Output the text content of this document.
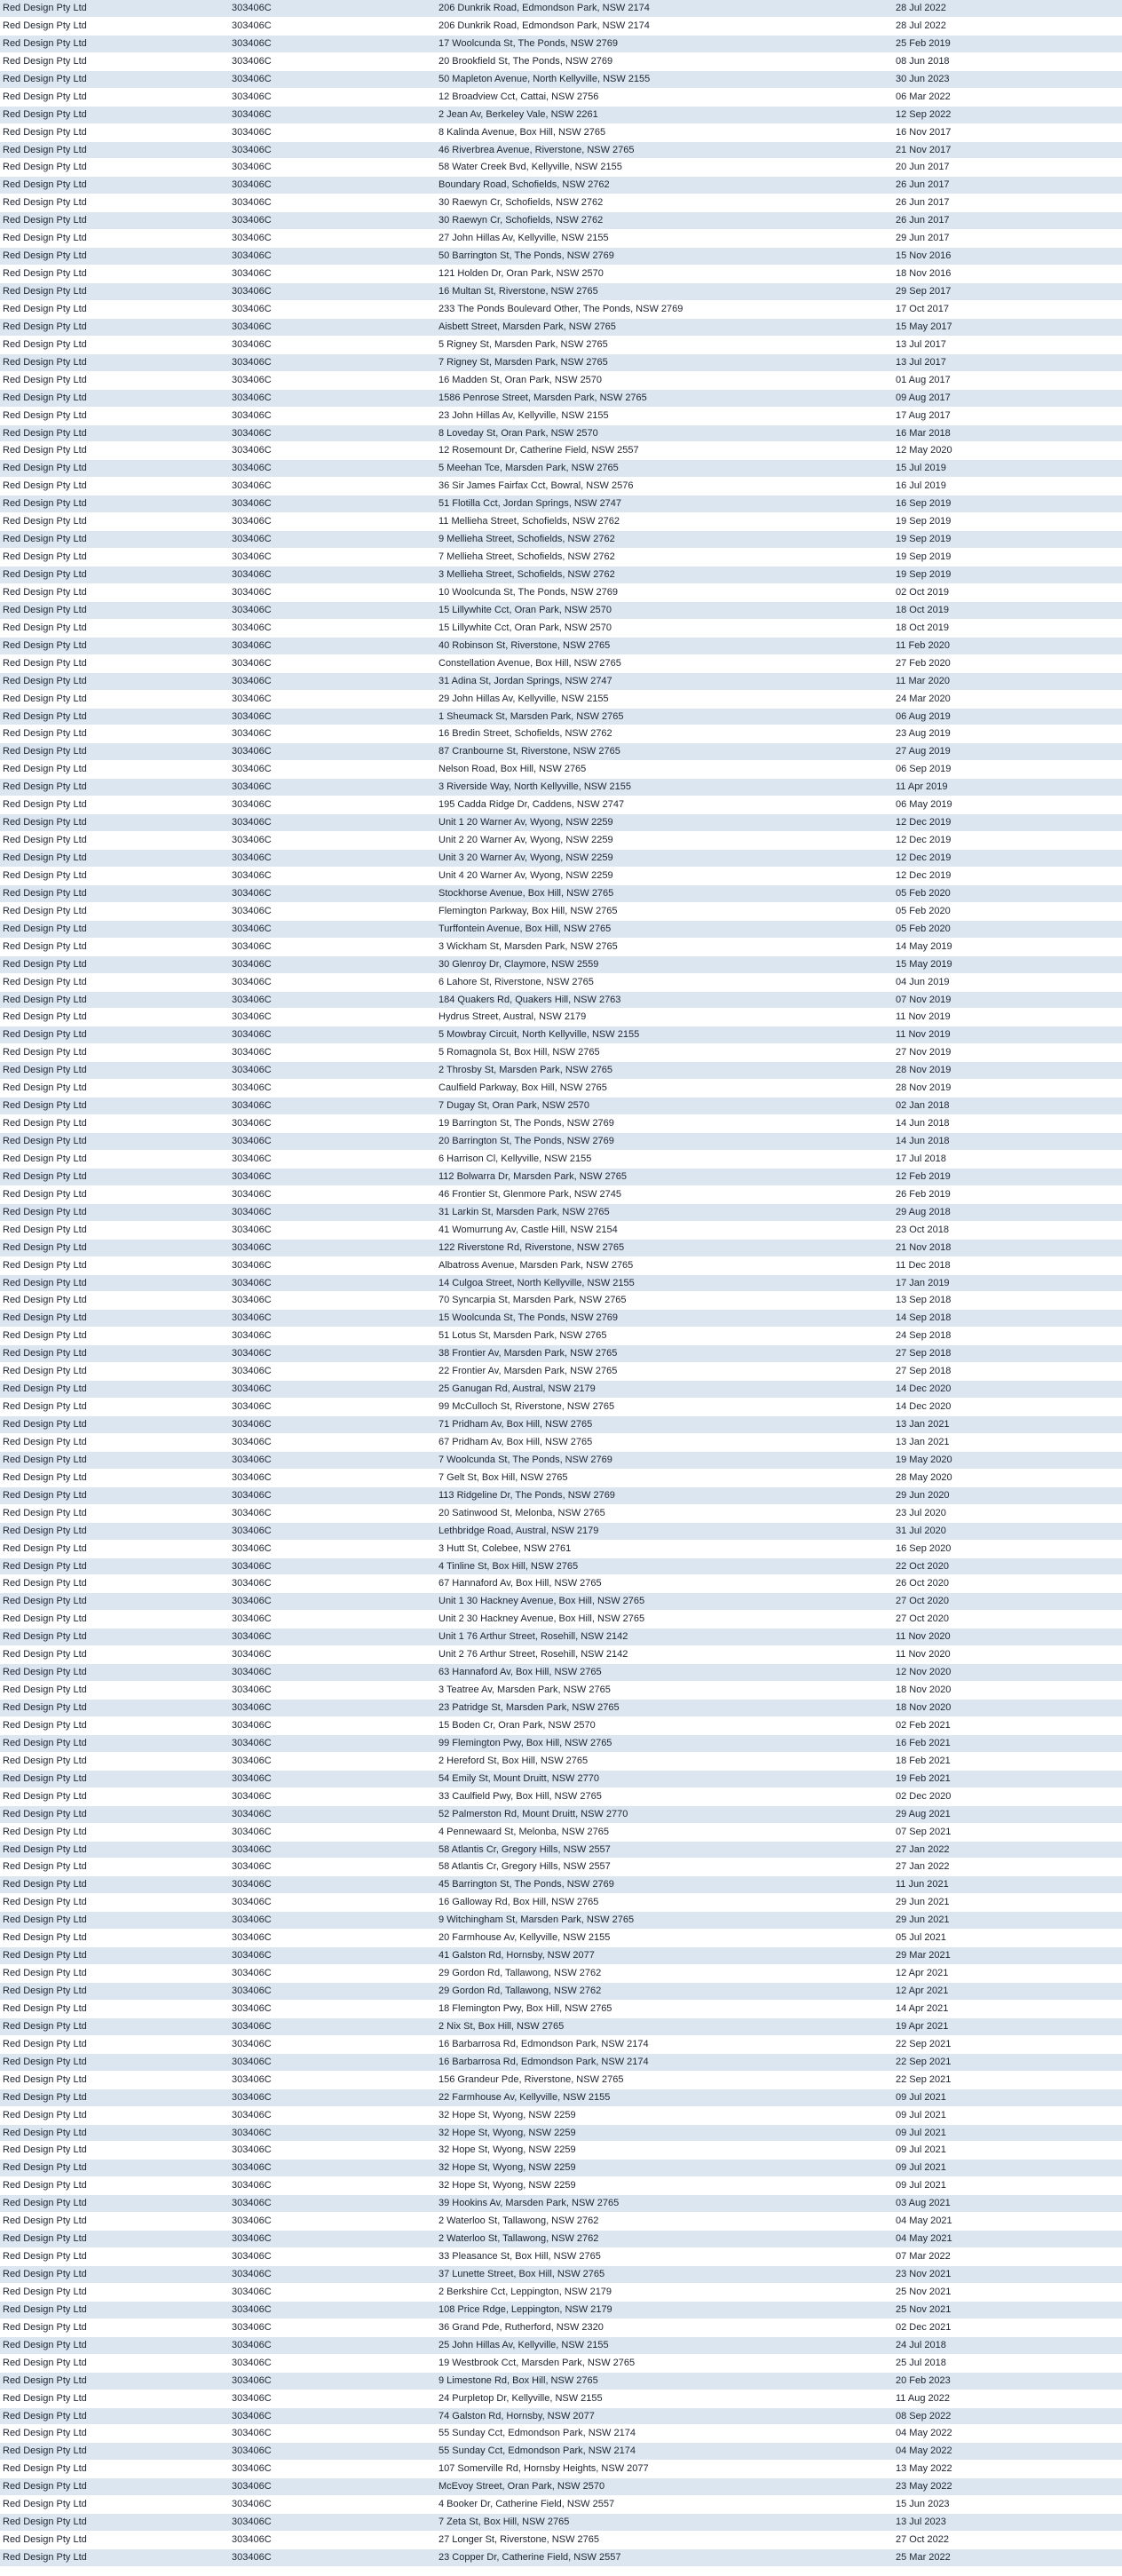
Red Design Pty Ltd	303406C	206 Dunkrik Road, Edmondson Park, NSW 2174	28 Jul 2022
Red Design Pty Ltd	303406C	206 Dunkrik Road, Edmondson Park, NSW 2174	28 Jul 2022
Red Design Pty Ltd	303406C	17 Woolcunda St, The Ponds, NSW 2769	25 Feb 2019
Red Design Pty Ltd	303406C	20 Brookfield St, The Ponds, NSW 2769	08 Jun 2018
Red Design Pty Ltd	303406C	50 Mapleton Avenue, North Kellyville, NSW 2155	30 Jun 2023
Red Design Pty Ltd	303406C	12 Broadview Cct, Cattai, NSW 2756	06 Mar 2022
Red Design Pty Ltd	303406C	2 Jean Av, Berkeley Vale, NSW 2261	12 Sep 2022
Red Design Pty Ltd	303406C	8 Kalinda Avenue, Box Hill, NSW 2765	16 Nov 2017
Red Design Pty Ltd	303406C	46 Riverbrea Avenue, Riverstone, NSW 2765	21 Nov 2017
Red Design Pty Ltd	303406C	58 Water Creek Bvd, Kellyville, NSW 2155	20 Jun 2017
Red Design Pty Ltd	303406C	Boundary Road, Schofields, NSW 2762	26 Jun 2017
Red Design Pty Ltd	303406C	30 Raewyn Cr, Schofields, NSW 2762	26 Jun 2017
Red Design Pty Ltd	303406C	30 Raewyn Cr, Schofields, NSW 2762	26 Jun 2017
Red Design Pty Ltd	303406C	27 John Hillas Av, Kellyville, NSW 2155	29 Jun 2017
Red Design Pty Ltd	303406C	50 Barrington St, The Ponds, NSW 2769	15 Nov 2016
Red Design Pty Ltd	303406C	121 Holden Dr, Oran Park, NSW 2570	18 Nov 2016
Red Design Pty Ltd	303406C	16 Multan St, Riverstone, NSW 2765	29 Sep 2017
Red Design Pty Ltd	303406C	233 The Ponds Boulevard Other, The Ponds, NSW 2769	17 Oct 2017
Red Design Pty Ltd	303406C	Aisbett Street, Marsden Park, NSW 2765	15 May 2017
Red Design Pty Ltd	303406C	5 Rigney St, Marsden Park, NSW 2765	13 Jul 2017
Red Design Pty Ltd	303406C	7 Rigney St, Marsden Park, NSW 2765	13 Jul 2017
Red Design Pty Ltd	303406C	16 Madden St, Oran Park, NSW 2570	01 Aug 2017
Red Design Pty Ltd	303406C	1586 Penrose Street, Marsden Park, NSW 2765	09 Aug 2017
Red Design Pty Ltd	303406C	23 John Hillas Av, Kellyville, NSW 2155	17 Aug 2017
Red Design Pty Ltd	303406C	8 Loveday St, Oran Park, NSW 2570	16 Mar 2018
Red Design Pty Ltd	303406C	12 Rosemount Dr, Catherine Field, NSW 2557	12 May 2020
Red Design Pty Ltd	303406C	5 Meehan Tce, Marsden Park, NSW 2765	15 Jul 2019
Red Design Pty Ltd	303406C	36 Sir James Fairfax Cct, Bowral, NSW 2576	16 Jul 2019
Red Design Pty Ltd	303406C	51 Flotilla Cct, Jordan Springs, NSW 2747	16 Sep 2019
Red Design Pty Ltd	303406C	11 Mellieha Street, Schofields, NSW 2762	19 Sep 2019
Red Design Pty Ltd	303406C	9 Mellieha Street, Schofields, NSW 2762	19 Sep 2019
Red Design Pty Ltd	303406C	7 Mellieha Street, Schofields, NSW 2762	19 Sep 2019
Red Design Pty Ltd	303406C	3 Mellieha Street, Schofields, NSW 2762	19 Sep 2019
Red Design Pty Ltd	303406C	10 Woolcunda St, The Ponds, NSW 2769	02 Oct 2019
Red Design Pty Ltd	303406C	15 Lillywhite Cct, Oran Park, NSW 2570	18 Oct 2019
Red Design Pty Ltd	303406C	15 Lillywhite Cct, Oran Park, NSW 2570	18 Oct 2019
Red Design Pty Ltd	303406C	40 Robinson St, Riverstone, NSW 2765	11 Feb 2020
Red Design Pty Ltd	303406C	Constellation Avenue, Box Hill, NSW 2765	27 Feb 2020
Red Design Pty Ltd	303406C	31 Adina St, Jordan Springs, NSW 2747	11 Mar 2020
Red Design Pty Ltd	303406C	29 John Hillas Av, Kellyville, NSW 2155	24 Mar 2020
Red Design Pty Ltd	303406C	1 Sheumack St, Marsden Park, NSW 2765	06 Aug 2019
Red Design Pty Ltd	303406C	16 Bredin Street, Schofields, NSW 2762	23 Aug 2019
Red Design Pty Ltd	303406C	87 Cranbourne St, Riverstone, NSW 2765	27 Aug 2019
Red Design Pty Ltd	303406C	Nelson Road, Box Hill, NSW 2765	06 Sep 2019
Red Design Pty Ltd	303406C	3 Riverside Way, North Kellyville, NSW 2155	11 Apr 2019
Red Design Pty Ltd	303406C	195 Cadda Ridge Dr, Caddens, NSW 2747	06 May 2019
Red Design Pty Ltd	303406C	Unit 1 20 Warner Av, Wyong, NSW 2259	12 Dec 2019
Red Design Pty Ltd	303406C	Unit 2 20 Warner Av, Wyong, NSW 2259	12 Dec 2019
Red Design Pty Ltd	303406C	Unit 3 20 Warner Av, Wyong, NSW 2259	12 Dec 2019
Red Design Pty Ltd	303406C	Unit 4 20 Warner Av, Wyong, NSW 2259	12 Dec 2019
Red Design Pty Ltd	303406C	Stockhorse Avenue, Box Hill, NSW 2765	05 Feb 2020
Red Design Pty Ltd	303406C	Flemington Parkway, Box Hill, NSW 2765	05 Feb 2020
Red Design Pty Ltd	303406C	Turffontein Avenue, Box Hill, NSW 2765	05 Feb 2020
Red Design Pty Ltd	303406C	3 Wickham St, Marsden Park, NSW 2765	14 May 2019
Red Design Pty Ltd	303406C	30 Glenroy Dr, Claymore, NSW 2559	15 May 2019
Red Design Pty Ltd	303406C	6 Lahore St, Riverstone, NSW 2765	04 Jun 2019
Red Design Pty Ltd	303406C	184 Quakers Rd, Quakers Hill, NSW 2763	07 Nov 2019
Red Design Pty Ltd	303406C	Hydrus Street, Austral, NSW 2179	11 Nov 2019
Red Design Pty Ltd	303406C	5 Mowbray Circuit, North Kellyville, NSW 2155	11 Nov 2019
Red Design Pty Ltd	303406C	5 Romagnola St, Box Hill, NSW 2765	27 Nov 2019
Red Design Pty Ltd	303406C	2 Throsby St, Marsden Park, NSW 2765	28 Nov 2019
Red Design Pty Ltd	303406C	Caulfield Parkway, Box Hill, NSW 2765	28 Nov 2019
Red Design Pty Ltd	303406C	7 Dugay St, Oran Park, NSW 2570	02 Jan 2018
Red Design Pty Ltd	303406C	19 Barrington St, The Ponds, NSW 2769	14 Jun 2018
Red Design Pty Ltd	303406C	20 Barrington St, The Ponds, NSW 2769	14 Jun 2018
Red Design Pty Ltd	303406C	6 Harrison Cl, Kellyville, NSW 2155	17 Jul 2018
Red Design Pty Ltd	303406C	112 Bolwarra Dr, Marsden Park, NSW 2765	12 Feb 2019
Red Design Pty Ltd	303406C	46 Frontier St, Glenmore Park, NSW 2745	26 Feb 2019
Red Design Pty Ltd	303406C	31 Larkin St, Marsden Park, NSW 2765	29 Aug 2018
Red Design Pty Ltd	303406C	41 Womurrung Av, Castle Hill, NSW 2154	23 Oct 2018
Red Design Pty Ltd	303406C	122 Riverstone Rd, Riverstone, NSW 2765	21 Nov 2018
Red Design Pty Ltd	303406C	Albatross Avenue, Marsden Park, NSW 2765	11 Dec 2018
Red Design Pty Ltd	303406C	14 Culgoa Street, North Kellyville, NSW 2155	17 Jan 2019
Red Design Pty Ltd	303406C	70 Syncarpia St, Marsden Park, NSW 2765	13 Sep 2018
Red Design Pty Ltd	303406C	15 Woolcunda St, The Ponds, NSW 2769	14 Sep 2018
Red Design Pty Ltd	303406C	51 Lotus St, Marsden Park, NSW 2765	24 Sep 2018
Red Design Pty Ltd	303406C	38 Frontier Av, Marsden Park, NSW 2765	27 Sep 2018
Red Design Pty Ltd	303406C	22 Frontier Av, Marsden Park, NSW 2765	27 Sep 2018
Red Design Pty Ltd	303406C	25 Ganugan Rd, Austral, NSW 2179	14 Dec 2020
Red Design Pty Ltd	303406C	99 McCulloch St, Riverstone, NSW 2765	14 Dec 2020
Red Design Pty Ltd	303406C	71 Pridham Av, Box Hill, NSW 2765	13 Jan 2021
Red Design Pty Ltd	303406C	67 Pridham Av, Box Hill, NSW 2765	13 Jan 2021
Red Design Pty Ltd	303406C	7 Woolcunda St, The Ponds, NSW 2769	19 May 2020
Red Design Pty Ltd	303406C	7 Gelt St, Box Hill, NSW 2765	28 May 2020
Red Design Pty Ltd	303406C	113 Ridgeline Dr, The Ponds, NSW 2769	29 Jun 2020
Red Design Pty Ltd	303406C	20 Satinwood St, Melonba, NSW 2765	23 Jul 2020
Red Design Pty Ltd	303406C	Lethbridge Road, Austral, NSW 2179	31 Jul 2020
Red Design Pty Ltd	303406C	3 Hutt St, Colebee, NSW 2761	16 Sep 2020
Red Design Pty Ltd	303406C	4 Tinline St, Box Hill, NSW 2765	22 Oct 2020
Red Design Pty Ltd	303406C	67 Hannaford Av, Box Hill, NSW 2765	26 Oct 2020
Red Design Pty Ltd	303406C	Unit 1 30 Hackney Avenue, Box Hill, NSW 2765	27 Oct 2020
Red Design Pty Ltd	303406C	Unit 2 30 Hackney Avenue, Box Hill, NSW 2765	27 Oct 2020
Red Design Pty Ltd	303406C	Unit 1 76 Arthur Street, Rosehill, NSW 2142	11 Nov 2020
Red Design Pty Ltd	303406C	Unit 2 76 Arthur Street, Rosehill, NSW 2142	11 Nov 2020
Red Design Pty Ltd	303406C	63 Hannaford Av, Box Hill, NSW 2765	12 Nov 2020
Red Design Pty Ltd	303406C	3 Teatree Av, Marsden Park, NSW 2765	18 Nov 2020
Red Design Pty Ltd	303406C	23 Patridge St, Marsden Park, NSW 2765	18 Nov 2020
Red Design Pty Ltd	303406C	15 Boden Cr, Oran Park, NSW 2570	02 Feb 2021
Red Design Pty Ltd	303406C	99 Flemington Pwy, Box Hill, NSW 2765	16 Feb 2021
Red Design Pty Ltd	303406C	2 Hereford St, Box Hill, NSW 2765	18 Feb 2021
Red Design Pty Ltd	303406C	54 Emily St, Mount Druitt, NSW 2770	19 Feb 2021
Red Design Pty Ltd	303406C	33 Caulfield Pwy, Box Hill, NSW 2765	02 Dec 2020
Red Design Pty Ltd	303406C	52 Palmerston Rd, Mount Druitt, NSW 2770	29 Aug 2021
Red Design Pty Ltd	303406C	4 Pennewaard St, Melonba, NSW 2765	07 Sep 2021
Red Design Pty Ltd	303406C	58 Atlantis Cr, Gregory Hills, NSW 2557	27 Jan 2022
Red Design Pty Ltd	303406C	58 Atlantis Cr, Gregory Hills, NSW 2557	27 Jan 2022
Red Design Pty Ltd	303406C	45 Barrington St, The Ponds, NSW 2769	11 Jun 2021
Red Design Pty Ltd	303406C	16 Galloway Rd, Box Hill, NSW 2765	29 Jun 2021
Red Design Pty Ltd	303406C	9 Witchingham St, Marsden Park, NSW 2765	29 Jun 2021
Red Design Pty Ltd	303406C	20 Farmhouse Av, Kellyville, NSW 2155	05 Jul 2021
Red Design Pty Ltd	303406C	41 Galston Rd, Hornsby, NSW 2077	29 Mar 2021
Red Design Pty Ltd	303406C	29 Gordon Rd, Tallawong, NSW 2762	12 Apr 2021
Red Design Pty Ltd	303406C	29 Gordon Rd, Tallawong, NSW 2762	12 Apr 2021
Red Design Pty Ltd	303406C	18 Flemington Pwy, Box Hill, NSW 2765	14 Apr 2021
Red Design Pty Ltd	303406C	2 Nix St, Box Hill, NSW 2765	19 Apr 2021
Red Design Pty Ltd	303406C	16 Barbarrosa Rd, Edmondson Park, NSW 2174	22 Sep 2021
Red Design Pty Ltd	303406C	16 Barbarrosa Rd, Edmondson Park, NSW 2174	22 Sep 2021
Red Design Pty Ltd	303406C	156 Grandeur Pde, Riverstone, NSW 2765	22 Sep 2021
Red Design Pty Ltd	303406C	22 Farmhouse Av, Kellyville, NSW 2155	09 Jul 2021
Red Design Pty Ltd	303406C	32 Hope St, Wyong, NSW 2259	09 Jul 2021
Red Design Pty Ltd	303406C	32 Hope St, Wyong, NSW 2259	09 Jul 2021
Red Design Pty Ltd	303406C	32 Hope St, Wyong, NSW 2259	09 Jul 2021
Red Design Pty Ltd	303406C	32 Hope St, Wyong, NSW 2259	09 Jul 2021
Red Design Pty Ltd	303406C	32 Hope St, Wyong, NSW 2259	09 Jul 2021
Red Design Pty Ltd	303406C	39 Hookins Av, Marsden Park, NSW 2765	03 Aug 2021
Red Design Pty Ltd	303406C	2 Waterloo St, Tallawong, NSW 2762	04 May 2021
Red Design Pty Ltd	303406C	2 Waterloo St, Tallawong, NSW 2762	04 May 2021
Red Design Pty Ltd	303406C	33 Pleasance St, Box Hill, NSW 2765	07 Mar 2022
Red Design Pty Ltd	303406C	37 Lunette Street, Box Hill, NSW 2765	23 Nov 2021
Red Design Pty Ltd	303406C	2 Berkshire Cct, Leppington, NSW 2179	25 Nov 2021
Red Design Pty Ltd	303406C	108 Price Rdge, Leppington, NSW 2179	25 Nov 2021
Red Design Pty Ltd	303406C	36 Grand Pde, Rutherford, NSW 2320	02 Dec 2021
Red Design Pty Ltd	303406C	25 John Hillas Av, Kellyville, NSW 2155	24 Jul 2018
Red Design Pty Ltd	303406C	19 Westbrook Cct, Marsden Park, NSW 2765	25 Jul 2018
Red Design Pty Ltd	303406C	9 Limestone Rd, Box Hill, NSW 2765	20 Feb 2023
Red Design Pty Ltd	303406C	24 Purpletop Dr, Kellyville, NSW 2155	11 Aug 2022
Red Design Pty Ltd	303406C	74 Galston Rd, Hornsby, NSW 2077	08 Sep 2022
Red Design Pty Ltd	303406C	55 Sunday Cct, Edmondson Park, NSW 2174	04 May 2022
Red Design Pty Ltd	303406C	55 Sunday Cct, Edmondson Park, NSW 2174	04 May 2022
Red Design Pty Ltd	303406C	107 Somerville Rd, Hornsby Heights, NSW 2077	13 May 2022
Red Design Pty Ltd	303406C	McEvoy Street, Oran Park, NSW 2570	23 May 2022
Red Design Pty Ltd	303406C	4 Booker Dr, Catherine Field, NSW 2557	15 Jun 2023
Red Design Pty Ltd	303406C	7 Zeta St, Box Hill, NSW 2765	13 Jul 2023
Red Design Pty Ltd	303406C	27 Longer St, Riverstone, NSW 2765	27 Oct 2022
Red Design Pty Ltd	303406C	23 Copper Dr, Catherine Field, NSW 2557	25 Mar 2022
